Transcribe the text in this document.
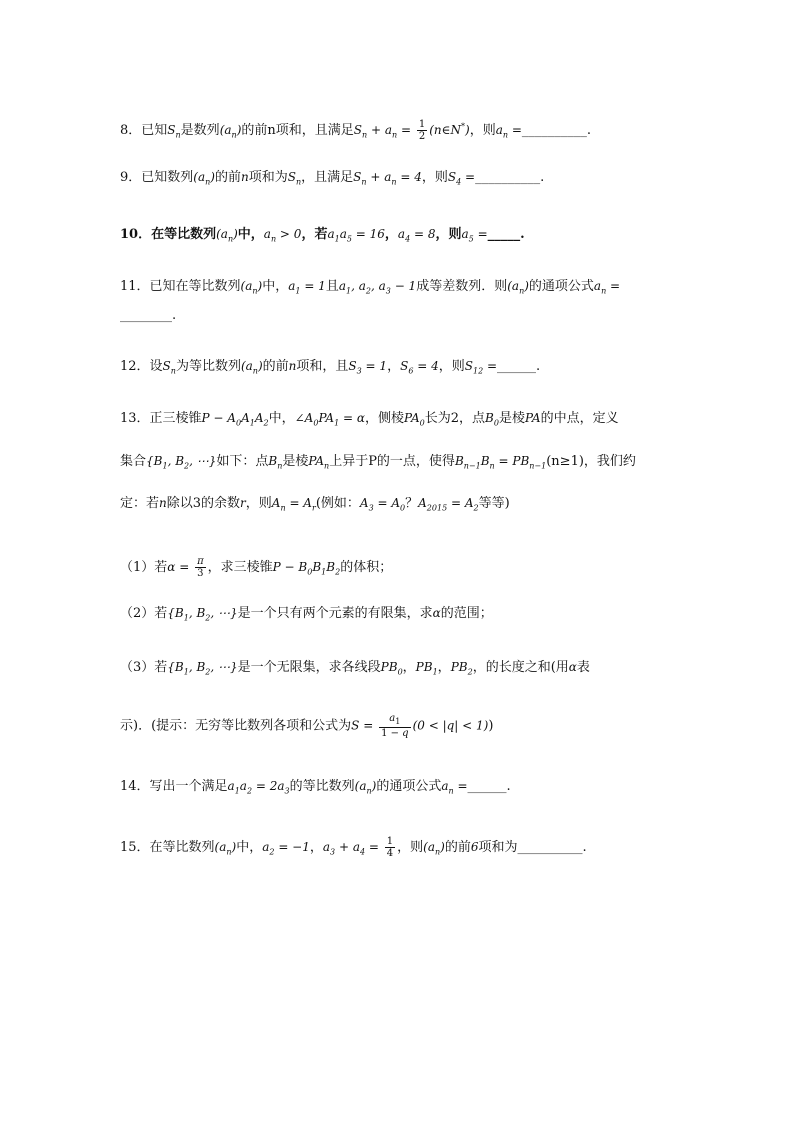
8．已知$S_n$是数列$(a_n)$的前n项和，且满足$S_n + a_n = \frac{1}{2}$ (n∈N*)，则$a_n$ =__________.
9．已知数列$(a_n)$的前n项和为$S_n$，且满足$S_n + a_n = 4$，则$S_4$ =__________.
10．在等比数列$(a_n)$中，$a_n > 0$，若$a_1a_5 = 16$，$a_4 = 8$，则$a_5$ =_____.
11．已知在等比数列$(a_n)$中，$a_1 = 1$且$a_1$, $a_2$, $a_3 - 1$成等差数列．则$(a_n)$的通项公式$a_n$ =
________.
12．设$S_n$为等比数列$(a_n)$的前n项和，且$S_3 = 1$，$S_6 = 4$，则$S_{12}$ =______.
13．正三棱锥$P - A_0A_1A_2$中，$\angle A_0PA_1 = \alpha$，侧棱$PA_0$长为2，点$B_0$是棱PA的中点，定义
集合{$B_1$, $B_2$, ⋯}如下：点$B_n$是棱$PA_n$上异于P的一点，使得$B_{n-1}B_n = PB_{n-1}(n\ge 1)$，我们约
定：若n除以3的余数r，则$A_n = A_r$(例如：$A_3 = A_0$？$A_{2015} = A_2$等等)
（1）若$\alpha = \frac{\pi}{3}$ ，求三棱锥$P - B_0B_1B_2$的体积；
（2）若{$B_1$, $B_2$, ⋯}是一个只有两个元素的有限集，求α的范围；
（3）若{$B_1$, $B_2$, ⋯}是一个无限集，求各线段$PB_0$，$PB_1$，$PB_2$，的长度之和(用α表
示)．(提示：无穷等比数列各项和公式为$S = \frac{a_1}{1 - q} (0 < |q| < 1)$)
14．写出一个满足$a_1a_2 = 2a_3$的等比数列$(a_n)$的通项公式$a_n$ =______.
15．在等比数列$(a_n)$中，$a_2 = -1$，$a_3 + a_4 = \frac{1}{4}$ ，则$(a_n)$的前6项和为__________.
